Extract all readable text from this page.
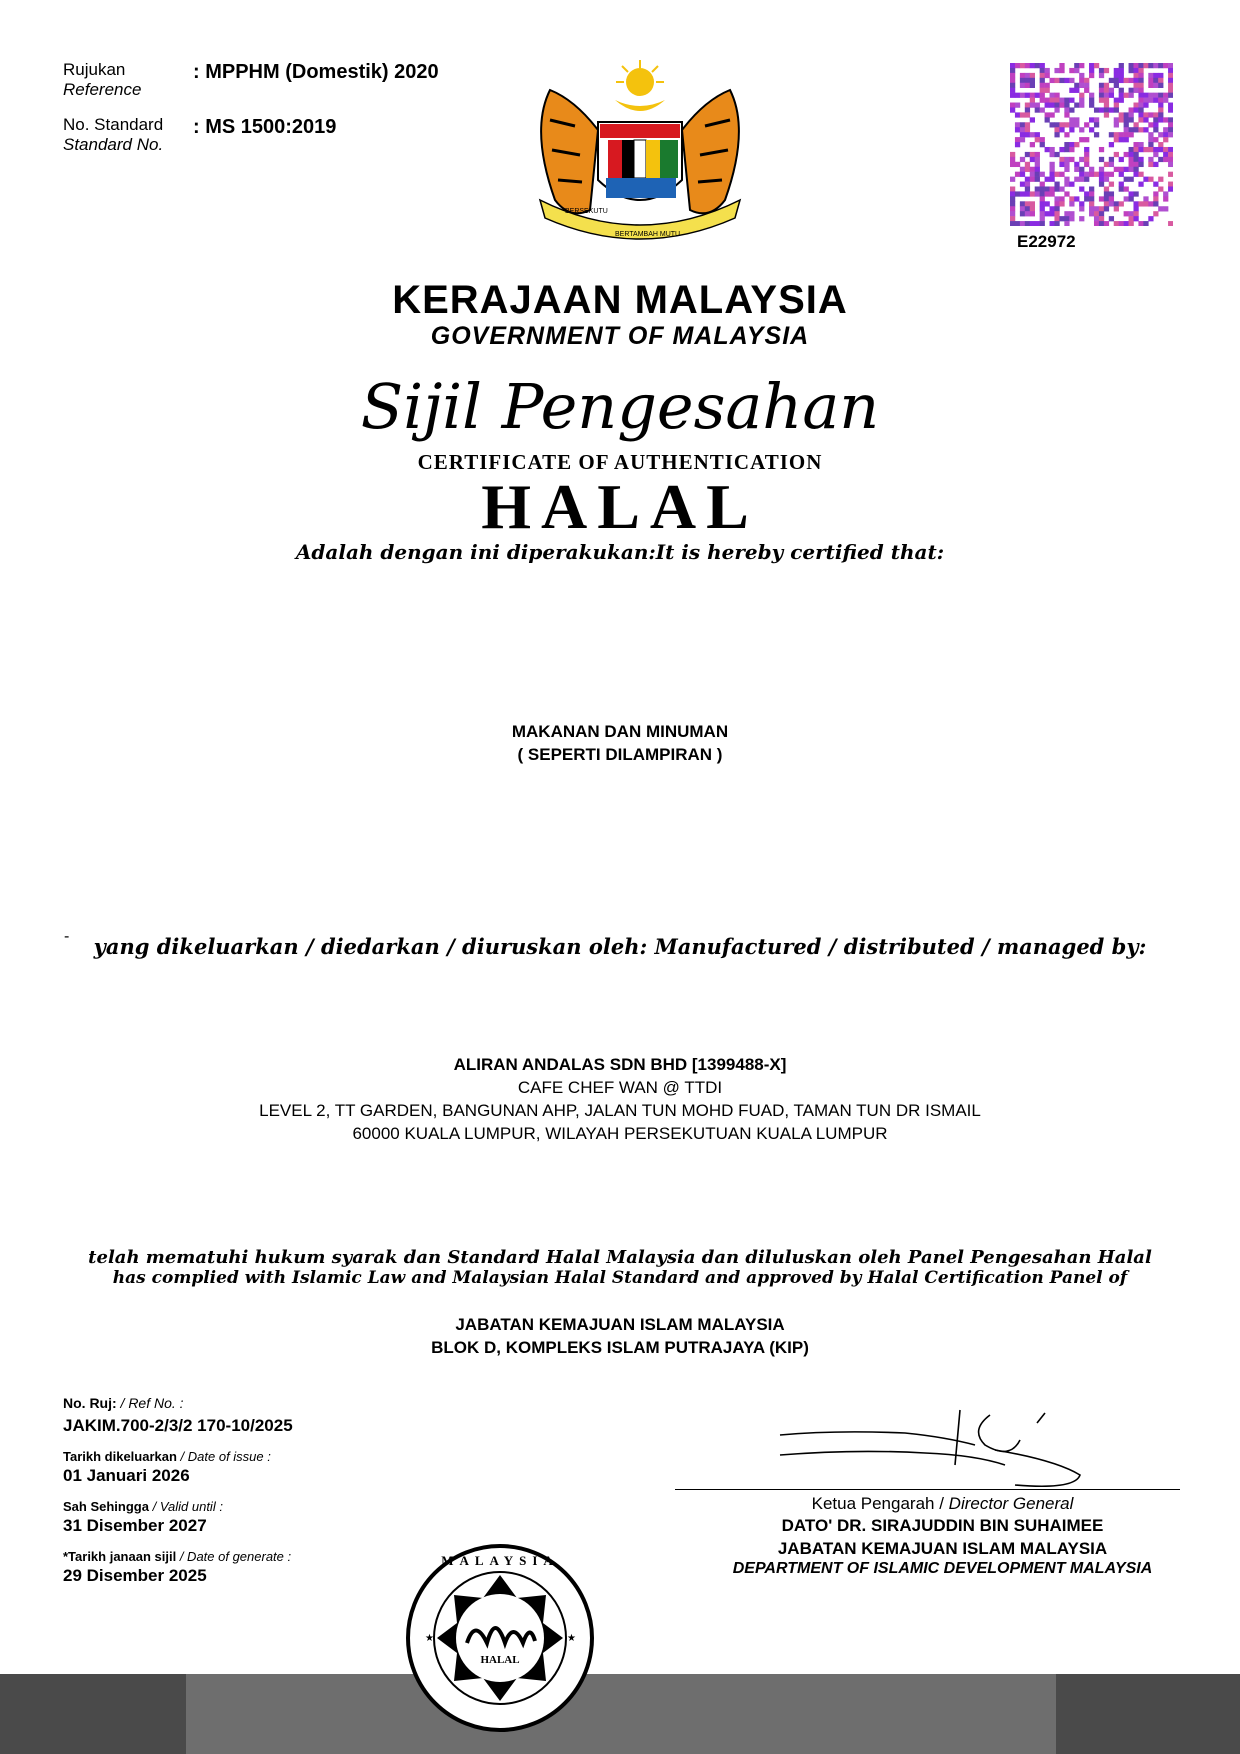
Rujukan
Reference
: MPPHM (Domestik) 2020
No. Standard
Standard No.
: MS 1500:2019
BERSEKUTU
BERTAMBAH MUTU	E22972
KERAJAAN MALAYSIA
GOVERNMENT OF MALAYSIA
Sijil Pengesahan
CERTIFICATE OF AUTHENTICATION
HALAL
Adalah dengan ini diperakukan:It is hereby certified that:
MAKANAN DAN MINUMAN
( SEPERTI DILAMPIRAN )
-	yang dikeluarkan / diedarkan / diuruskan oleh: Manufactured / distributed / managed by:
ALIRAN ANDALAS SDN BHD [1399488-X]
CAFE CHEF WAN @ TTDI
LEVEL 2, TT GARDEN, BANGUNAN AHP, JALAN TUN MOHD FUAD, TAMAN TUN DR ISMAIL
60000 KUALA LUMPUR, WILAYAH PERSEKUTUAN KUALA LUMPUR
telah mematuhi hukum syarak dan Standard Halal Malaysia dan diluluskan oleh Panel Pengesahan Halal
has complied with Islamic Law and Malaysian Halal Standard and approved by Halal Certification Panel of
JABATAN KEMAJUAN ISLAM MALAYSIA
BLOK D, KOMPLEKS ISLAM PUTRAJAYA (KIP)
No. Ruj: / Ref No. :
JAKIM.700-2/3/2 170-10/2025
Tarikh dikeluarkan / Date of issue :
01 Januari 2026
Sah Sehingga / Valid until :
31 Disember 2027
*Tarikh janaan sijil / Date of generate :
29 Disember 2025
Ketua Pengarah / Director General
DATO' DR. SIRAJUDDIN BIN SUHAIMEE
JABATAN KEMAJUAN ISLAM MALAYSIA
DEPARTMENT OF ISLAMIC DEVELOPMENT MALAYSIA
HALAL
MALAYSIA
★	★
